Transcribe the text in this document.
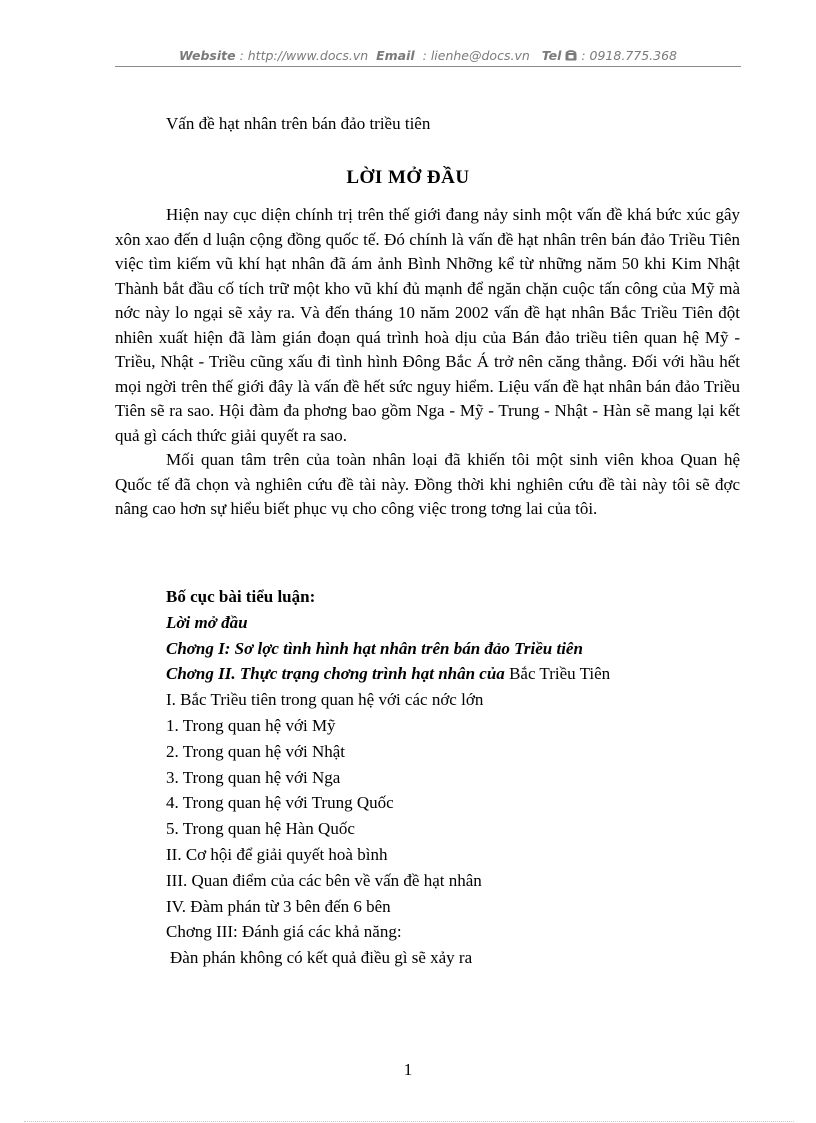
Website : http://www.docs.vn Email : lienhe@docs.vn Tel : 0918.775.368
Vấn đề hạt nhân trên bán đảo triều tiên
LỜI MỞ ĐẦU

Hiện nay cục diện chính trị trên thế giới đang nảy sinh một vấn đề khá bức xúc gây xôn xao đến d luận cộng đồng quốc tế. Đó chính là vấn đề hạt nhân trên bán đảo Triều Tiên việc tìm kiếm vũ khí hạt nhân đã ám ảnh Bình Nhỡng kể từ những năm 50 khi Kim Nhật Thành bắt đầu cố tích trữ một kho vũ khí đủ mạnh để ngăn chặn cuộc tấn công của Mỹ mà nớc này lo ngại sẽ xảy ra. Và đến tháng 10 năm 2002 vấn đề hạt nhân Bắc Triều Tiên đột nhiên xuất hiện đã làm gián đoạn quá trình hoà dịu của Bán đảo triều tiên quan hệ Mỹ - Triều, Nhật - Triều cũng xấu đi tình hình Đông Bắc Á trở nên căng thẳng. Đối với hầu hết mọi ngời trên thế giới đây là vấn đề hết sức nguy hiểm. Liệu vấn đề hạt nhân bán đảo Triều Tiên sẽ ra sao. Hội đàm đa phơng bao gồm Nga - Mỹ - Trung - Nhật - Hàn sẽ mang lại kết quả gì cách thức giải quyết ra sao.

Mối quan tâm trên của toàn nhân loại đã khiến tôi một sinh viên khoa Quan hệ Quốc tế đã chọn và nghiên cứu đề tài này. Đồng thời khi nghiên cứu đề tài này tôi sẽ đợc nâng cao hơn sự hiểu biết phục vụ cho công việc trong tơng lai của tôi.

Bố cục bài tiểu luận:
Lời mở đầu
Chơng I: Sơ lợc tình hình hạt nhân trên bán đảo Triều tiên
Chơng II. Thực trạng chơng trình hạt nhân của Bắc Triều Tiên
I. Bắc Triều tiên trong quan hệ với các nớc lớn
1. Trong quan hệ với Mỹ
2. Trong quan hệ với Nhật
3. Trong quan hệ với Nga
4. Trong quan hệ với Trung Quốc
5. Trong quan hệ Hàn Quốc
II. Cơ hội để giải quyết hoà bình
III. Quan điểm của các bên về vấn đề hạt nhân
IV. Đàm phán từ 3 bên đến 6 bên
Chơng III: Đánh giá các khả năng:
Đàn phán không có kết quả điều gì sẽ xảy ra
1
